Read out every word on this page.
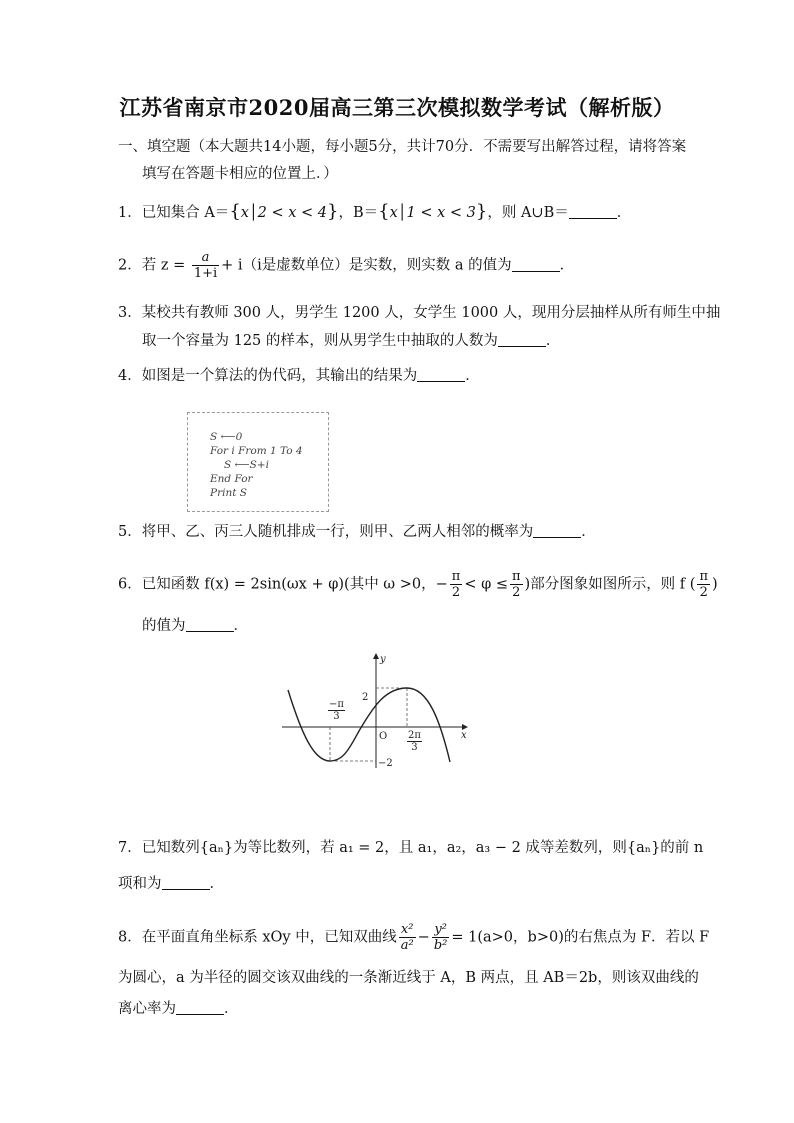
江苏省南京市2020届高三第三次模拟数学考试（解析版）
一、填空题（本大题共14小题，每小题5分，共计70分．不需要写出解答过程，请将答案
填写在答题卡相应的位置上．）
1．已知集合 A＝{x│2 < x < 4}，B＝{x│1 < x < 3}，则 A∪B＝	．
2．若 $z = \frac{a}{1+i} + i(i$是虚数单位）是实数，则实数 a 的值为	．
3．某校共有教师 300 人，男学生 1200 人，女学生 1000 人，现用分层抽样从所有师生中抽
取一个容量为 125 的样本，则从男学生中抽取的人数为	．
4．如图是一个算法的伪代码，其输出的结果为	．
S ⟵0
For i From 1 To 4
S ⟵S+i
End For
Print S
5．将甲、乙、丙三人随机排成一行，则甲、乙两人相邻的概率为	．
6．已知函数 f(x) = 2sin(ωx + φ)(其中 ω >0，− $\frac{\pi}{2} < \varphi \le \frac{\pi}{2}$ )部分图象如图所示，则 f ( $\frac{\pi}{2}$ )
的值为	．
y
x
O
2
−2
$\frac{-\pi}{3}$
$\frac{2\pi}{3}$
7．已知数列{aₙ}为等比数列，若 a₁ = 2，且 a₁，a₂，a₃ − 2 成等差数列，则{aₙ}的前 n
项和为	．
8．在平面直角坐标系 xOy 中，已知双曲线 $\frac{\text{x²}}{\text{a²}} - \frac{\text{y²}}{\text{b²}} = 1(a>0$，b>0)的右焦点为 F．若以 F
为圆心，a 为半径的圆交该双曲线的一条渐近线于 A，B 两点，且 AB＝2b，则该双曲线的
离心率为	．
